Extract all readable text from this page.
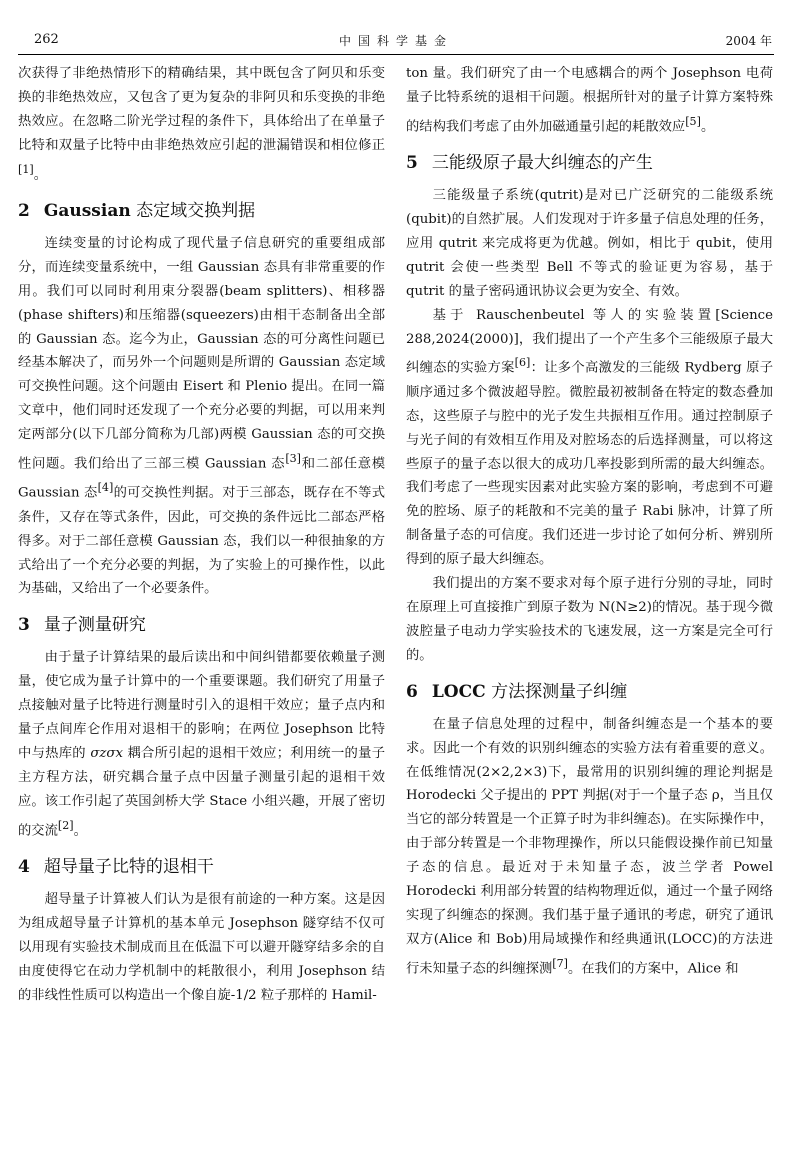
262	中国科学基金	2004 年

次获得了非绝热情形下的精确结果，其中既包含了阿贝和乐变换的非绝热效应，又包含了更为复杂的非阿贝和乐变换的非绝热效应。在忽略二阶光学过程的条件下，具体给出了在单量子比特和双量子比特中由非绝热效应引起的泄漏错误和相位修正[1]。

2 Gaussian 态定域交换判据

连续变量的讨论构成了现代量子信息研究的重要组成部分，而连续变量系统中，一组 Gaussian 态具有非常重要的作用。我们可以同时利用束分裂器(beam splitters)、相移器(phase shifters)和压缩器(squeezers)由相干态制备出全部的 Gaussian 态。迄今为止，Gaussian 态的可分离性问题已经基本解决了，而另外一个问题则是所谓的 Gaussian 态定域可交换性问题。这个问题由 Eisert 和 Plenio 提出。在同一篇文章中，他们同时还发现了一个充分必要的判据，可以用来判定两部分(以下几部分简称为几部)两模 Gaussian 态的可交换性问题。我们给出了三部三模 Gaussian 态[3]和二部任意模 Gaussian 态[4]的可交换性判据。对于三部态，既存在不等式条件，又存在等式条件，因此，可交换的条件远比二部态严格得多。对于二部任意模 Gaussian 态，我们以一种很抽象的方式给出了一个充分必要的判据，为了实验上的可操作性，以此为基础，又给出了一个必要条件。

3 量子测量研究

由于量子计算结果的最后读出和中间纠错都要依赖量子测量，使它成为量子计算中的一个重要课题。我们研究了用量子点接触对量子比特进行测量时引入的退相干效应；量子点内和量子点间库仑作用对退相干的影响；在两位 Josephson 比特中与热库的 σzσx 耦合所引起的退相干效应；利用统一的量子主方程方法，研究耦合量子点中因量子测量引起的退相干效应。该工作引起了英国剑桥大学 Stace 小组兴趣，开展了密切的交流[2]。

4 超导量子比特的退相干

超导量子计算被人们认为是很有前途的一种方案。这是因为组成超导量子计算机的基本单元 Josephson 隧穿结不仅可以用现有实验技术制成而且在低温下可以避开隧穿结多余的自由度使得它在动力学机制中的耗散很小，利用 Josephson 结的非线性性质可以构造出一个像自旋-1/2 粒子那样的 Hamil-

ton 量。我们研究了由一个电感耦合的两个 Josephson 电荷量子比特系统的退相干问题。根据所针对的量子计算方案特殊的结构我们考虑了由外加磁通量引起的耗散效应[5]。

5 三能级原子最大纠缠态的产生

三能级量子系统(qutrit)是对已广泛研究的二能级系统(qubit)的自然扩展。人们发现对于许多量子信息处理的任务，应用 qutrit 来完成将更为优越。例如，相比于 qubit，使用 qutrit 会使一些类型 Bell 不等式的验证更为容易，基于 qutrit 的量子密码通讯协议会更为安全、有效。

基于 Rauschenbeutel 等人的实验装置[Science 288,2024(2000)]，我们提出了一个产生多个三能级原子最大纠缠态的实验方案[6]：让多个高激发的三能级 Rydberg 原子顺序通过多个微波超导腔。微腔最初被制备在特定的数态叠加态，这些原子与腔中的光子发生共振相互作用。通过控制原子与光子间的有效相互作用及对腔场态的后选择测量，可以将这些原子的量子态以很大的成功几率投影到所需的最大纠缠态。我们考虑了一些现实因素对此实验方案的影响，考虑到不可避免的腔场、原子的耗散和不完美的量子 Rabi 脉冲，计算了所制备量子态的可信度。我们还进一步讨论了如何分析、辨别所得到的原子最大纠缠态。

我们提出的方案不要求对每个原子进行分别的寻址，同时在原理上可直接推广到原子数为 N(N≥2)的情况。基于现今微波腔量子电动力学实验技术的飞速发展，这一方案是完全可行的。

6 LOCC 方法探测量子纠缠

在量子信息处理的过程中，制备纠缠态是一个基本的要求。因此一个有效的识别纠缠态的实验方法有着重要的意义。在低维情况(2×2,2×3)下，最常用的识别纠缠的理论判据是 Horodecki 父子提出的 PPT 判据(对于一个量子态 ρ，当且仅当它的部分转置是一个正算子时为非纠缠态)。在实际操作中，由于部分转置是一个非物理操作，所以只能假设操作前已知量子态的信息。最近对于未知量子态，波兰学者 Powel Horodecki 利用部分转置的结构物理近似，通过一个量子网络实现了纠缠态的探测。我们基于量子通讯的考虑，研究了通讯双方(Alice 和 Bob)用局域操作和经典通讯(LOCC)的方法进行未知量子态的纠缠探测[7]。在我们的方案中，Alice 和
